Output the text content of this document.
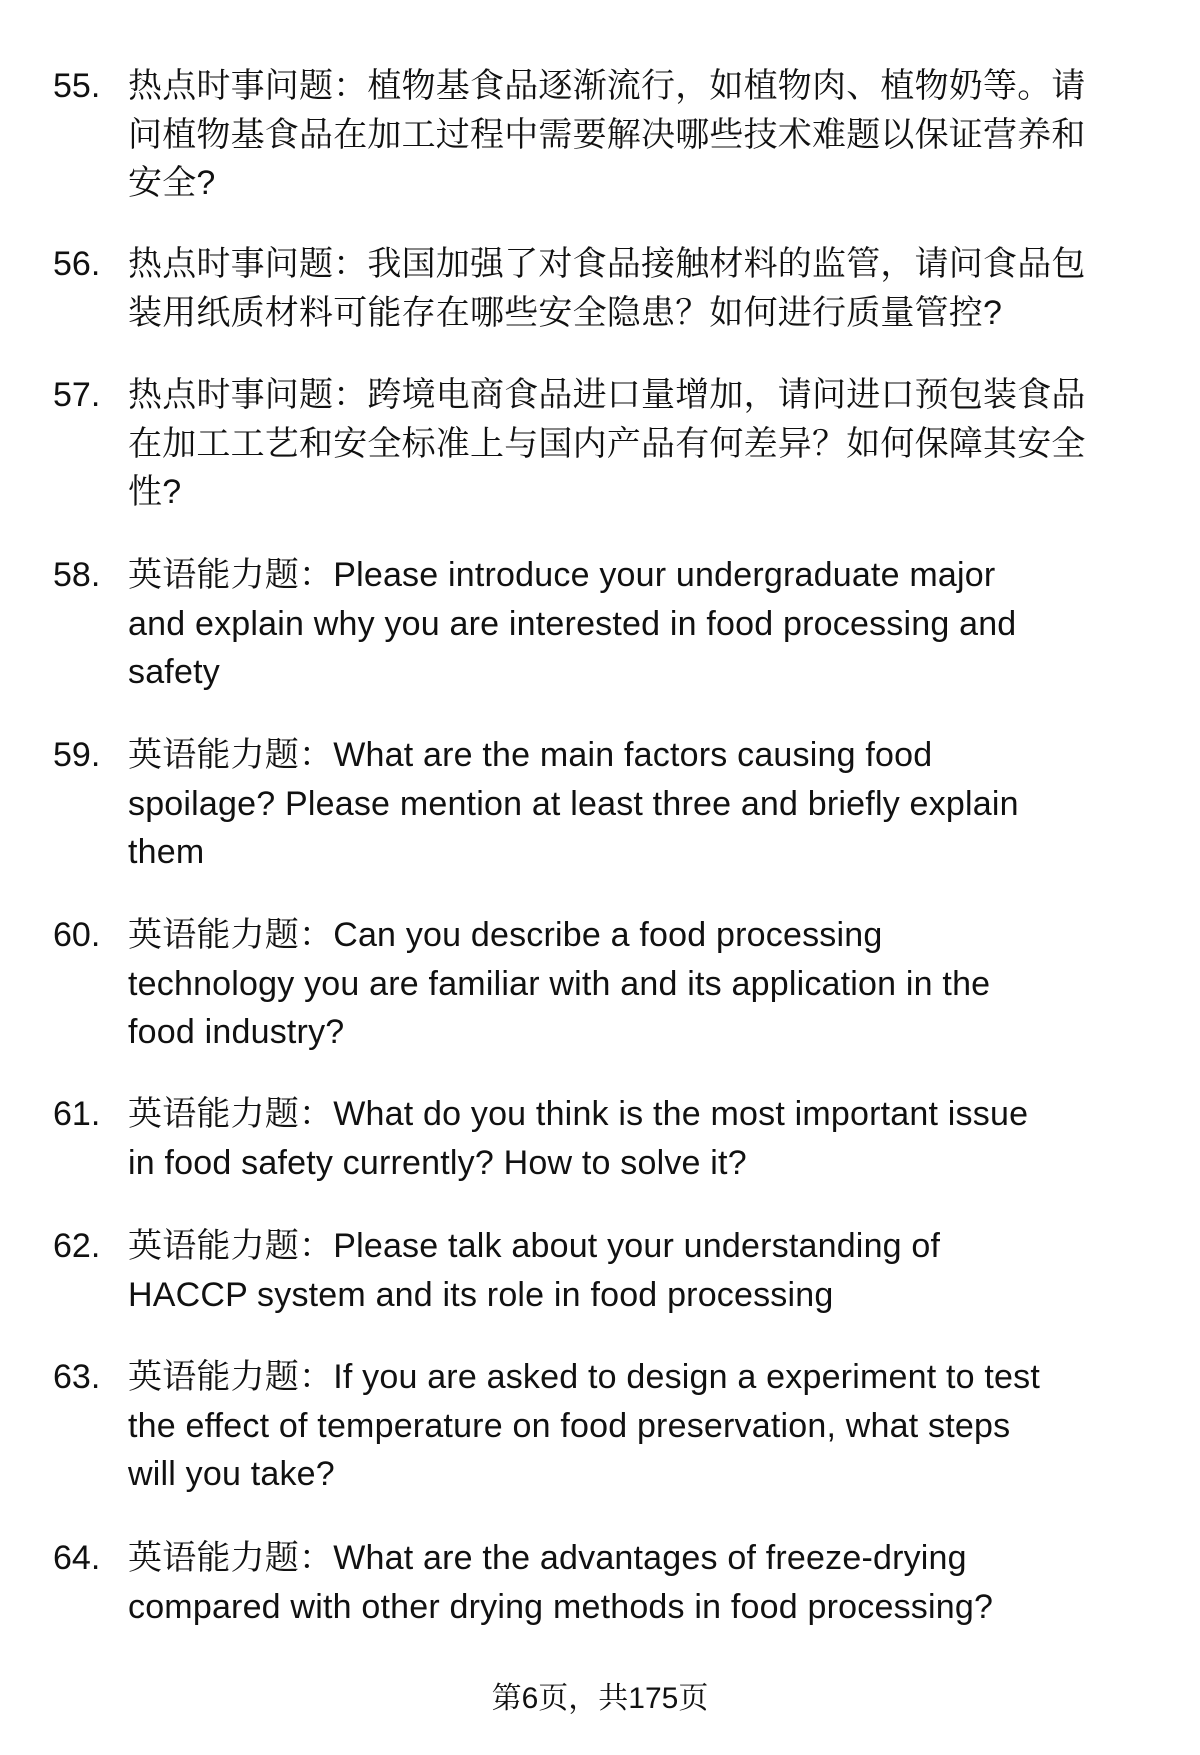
55. 热点时事问题：植物基食品逐渐流行，如植物肉、植物奶等。请
问植物基食品在加工过程中需要解决哪些技术难题以保证营养和
安全?
56. 热点时事问题：我国加强了对食品接触材料的监管，请问食品包
装用纸质材料可能存在哪些安全隐患？如何进行质量管控?
57. 热点时事问题：跨境电商食品进口量增加，请问进口预包装食品
在加工工艺和安全标准上与国内产品有何差异？如何保障其安全
性?
58. 英语能力题：Please introduce your undergraduate major
and explain why you are interested in food processing and
safety
59. 英语能力题：What are the main factors causing food
spoilage? Please mention at least three and briefly explain
them
60. 英语能力题：Can you describe a food processing
technology you are familiar with and its application in the
food industry?
61. 英语能力题：What do you think is the most important issue
in food safety currently? How to solve it?
62. 英语能力题：Please talk about your understanding of
HACCP system and its role in food processing
63. 英语能力题：If you are asked to design a experiment to test
the effect of temperature on food preservation, what steps
will you take?
64. 英语能力题：What are the advantages of freeze-drying
compared with other drying methods in food processing?
第6页，共175页
